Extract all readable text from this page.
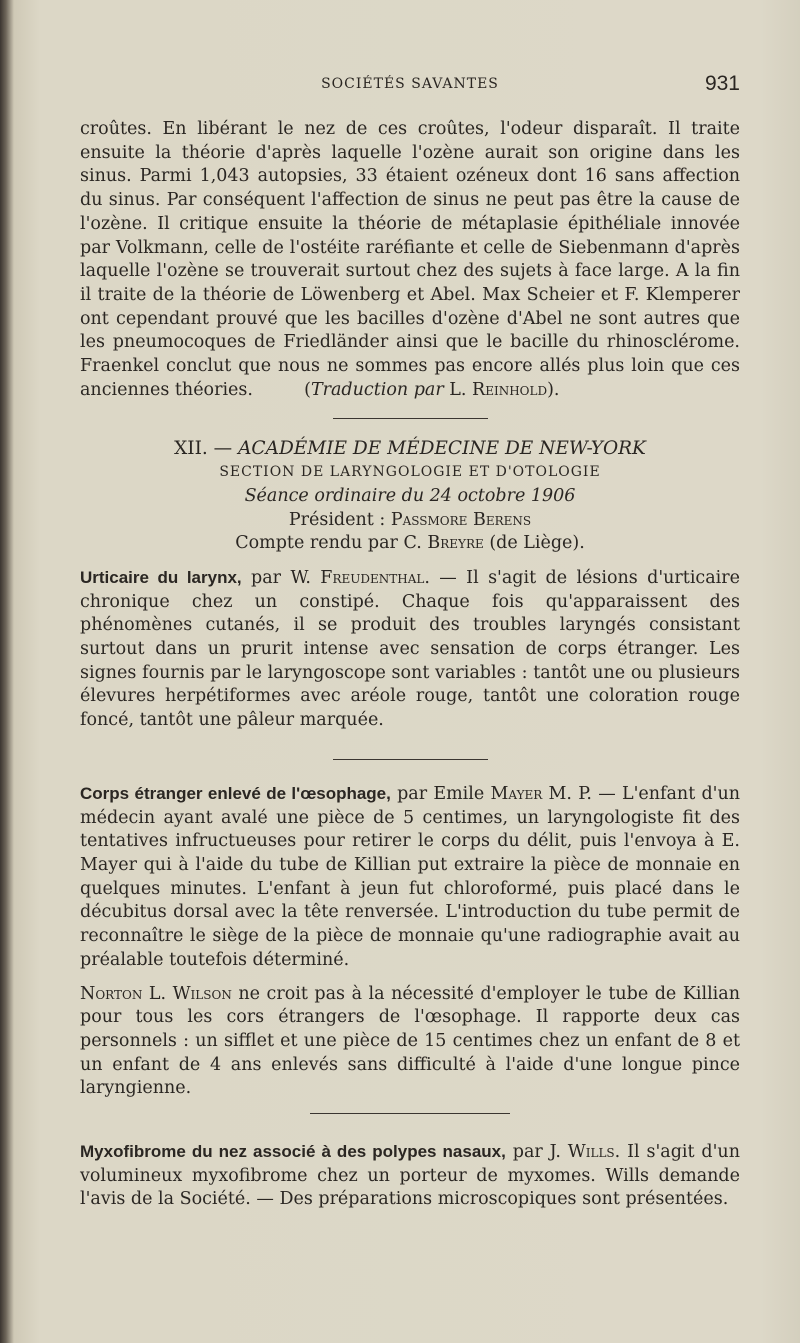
SOCIÉTÉS SAVANTES	931

croûtes. En libérant le nez de ces croûtes, l'odeur disparaît. Il traite ensuite la théorie d'après laquelle l'ozène aurait son origine dans les sinus. Parmi 1,043 autopsies, 33 étaient ozéneux dont 16 sans affection du sinus. Par conséquent l'affection de sinus ne peut pas être la cause de l'ozène. Il critique ensuite la théorie de métaplasie épithéliale innovée par Volkmann, celle de l'ostéite raréfiante et celle de Siebenmann d'après laquelle l'ozène se trouverait surtout chez des sujets à face large. A la fin il traite de la théorie de Löwenberg et Abel. Max Scheier et F. Klemperer ont cependant prouvé que les bacilles d'ozène d'Abel ne sont autres que les pneumocoques de Friedländer ainsi que le bacille du rhinosclérome. Fraenkel conclut que nous ne sommes pas encore allés plus loin que ces anciennes théories.	(Traduction par L. Reinhold).

XII. — ACADÉMIE DE MÉDECINE DE NEW-YORK
SECTION DE LARYNGOLOGIE ET D'OTOLOGIE
Séance ordinaire du 24 octobre 1906
Président : Passmore Berens
Compte rendu par C. Breyre (de Liège).

Urticaire du larynx, par W. Freudenthal. — Il s'agit de lésions d'urticaire chronique chez un constipé. Chaque fois qu'apparaissent des phénomènes cutanés, il se produit des troubles laryngés consistant surtout dans un prurit intense avec sensation de corps étranger. Les signes fournis par le laryngoscope sont variables : tantôt une ou plusieurs élevures herpétiformes avec aréole rouge, tantôt une coloration rouge foncé, tantôt une pâleur marquée.

Corps étranger enlevé de l'œsophage, par Emile Mayer M. P. — L'enfant d'un médecin ayant avalé une pièce de 5 centimes, un laryngologiste fit des tentatives infructueuses pour retirer le corps du délit, puis l'envoya à E. Mayer qui à l'aide du tube de Killian put extraire la pièce de monnaie en quelques minutes. L'enfant à jeun fut chloroformé, puis placé dans le décubitus dorsal avec la tête renversée. L'introduction du tube permit de reconnaître le siège de la pièce de monnaie qu'une radiographie avait au préalable toutefois déterminé.

Norton L. Wilson ne croit pas à la nécessité d'employer le tube de Killian pour tous les cors étrangers de l'œsophage. Il rapporte deux cas personnels : un sifflet et une pièce de 15 centimes chez un enfant de 8 et un enfant de 4 ans enlevés sans difficulté à l'aide d'une longue pince laryngienne.

Myxofibrome du nez associé à des polypes nasaux, par J. Wills. Il s'agit d'un volumineux myxofibrome chez un porteur de myxomes. Wills demande l'avis de la Société. — Des préparations microscopiques sont présentées.
